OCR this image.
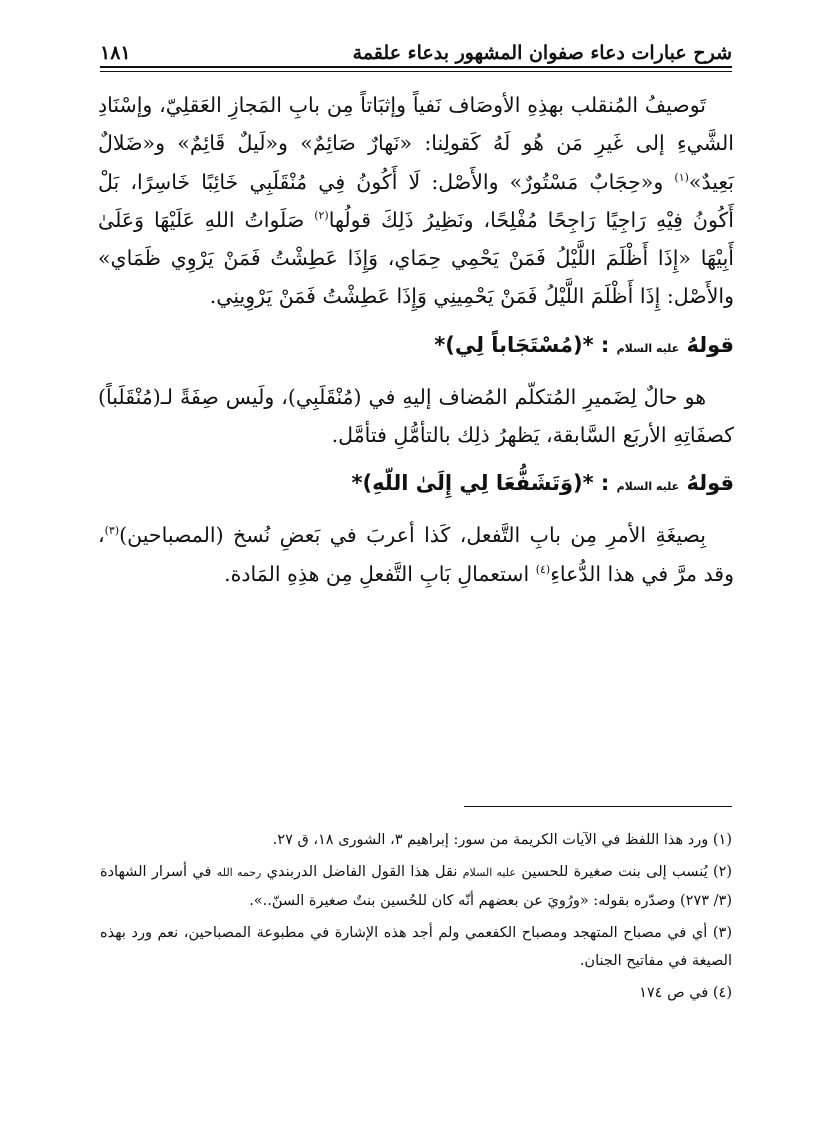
شرح عبارات دعاء صفوان المشهور بدعاء علقمة
١٨١

تَوصيفُ المُنقلب بهذِهِ الأوصَاف نَفياً وإثبَاتاً مِن بابِ المَجازِ العَقلِيّ، وإسْنَادِ الشَّيءِ إلى غَيرِ مَن هُو لَهُ كَقولِنا: «نَهارٌ صَائِمٌ» و«لَيلٌ قَائِمٌ» و«ضَلالٌ بَعِيدٌ»$^{(١)}$ و«حِجَابٌ مَسْتُورٌ» والأَصْل: لَا أَكُونُ فِي مُنْقَلَبِي خَائِبًا خَاسِرًا، بَلْ أَكُونُ فِيْهِ رَاجِيًا رَاجِحًا مُفْلِحًا، ونَظِيرُ ذَلِكَ قولُها$^{(٢)}$ صَلَواتُ اللهِ عَلَيْهَا وَعَلَىٰ أَبِيْهَا «إِذَا أَظْلَمَ اللَّيْلُ فَمَنْ يَحْمِي حِمَاي، وَإِذَا عَطِشْتُ فَمَنْ يَرْوِي ظَمَاي» والأَصْل: إِذَا أَظْلَمَ اللَّيْلُ فَمَنْ يَحْمِينِي وَإِذَا عَطِشْتُ فَمَنْ يَرْوِينِي.

قولهُ عليه السلام : *(مُسْتَجَاباً لِي)*

هو حالٌ لِضَميرِ المُتكلّم المُضاف إليهِ في (مُنْقَلَبِي)، ولَيس صِفَةً لـ(مُنْقَلَباً) كصفَاتِهِ الأربَع السَّابقة، يَظهرُ ذلِك بالتأمُّلِ فتأمَّل.

قولهُ عليه السلام : *(وَتَشَفُّعَا لِي إِلَىٰ اللّهِ)*

بِصيغَةِ الأمرِ مِن بابِ التَّفعل، كَذا أعربَ في بَعضِ نُسخ (المصباحين)$^{(٣)}$، وقد مرَّ في هذا الدُّعاءِ$^{(٤)}$ استعمالِ بَابِ التَّفعلِ مِن هذِهِ المَادة.

(١) ورد هذا اللفظ في الآيات الكريمة من سور: إبراهيم ٣، الشورى ١٨، ق ٢٧.

(٢) يُنسب إلى بنت صغيرة للحسين عليه السلام نقل هذا القول الفاضل الدربندي رحمه الله في أسرار الشهادة (٣/ ٢٧٣) وصدّره بقوله: «ورُويَ عن بعضهم أنّه كان للحُسين بنتٌ صغيرة السنّ..».

(٣) أي في مصباح المتهجد ومصباح الكفعمي ولم أجد هذه الإشارة في مطبوعة المصباحين، نعم ورد بهذه الصيغة في مفاتيح الجنان.

(٤) في ص ١٧٤
